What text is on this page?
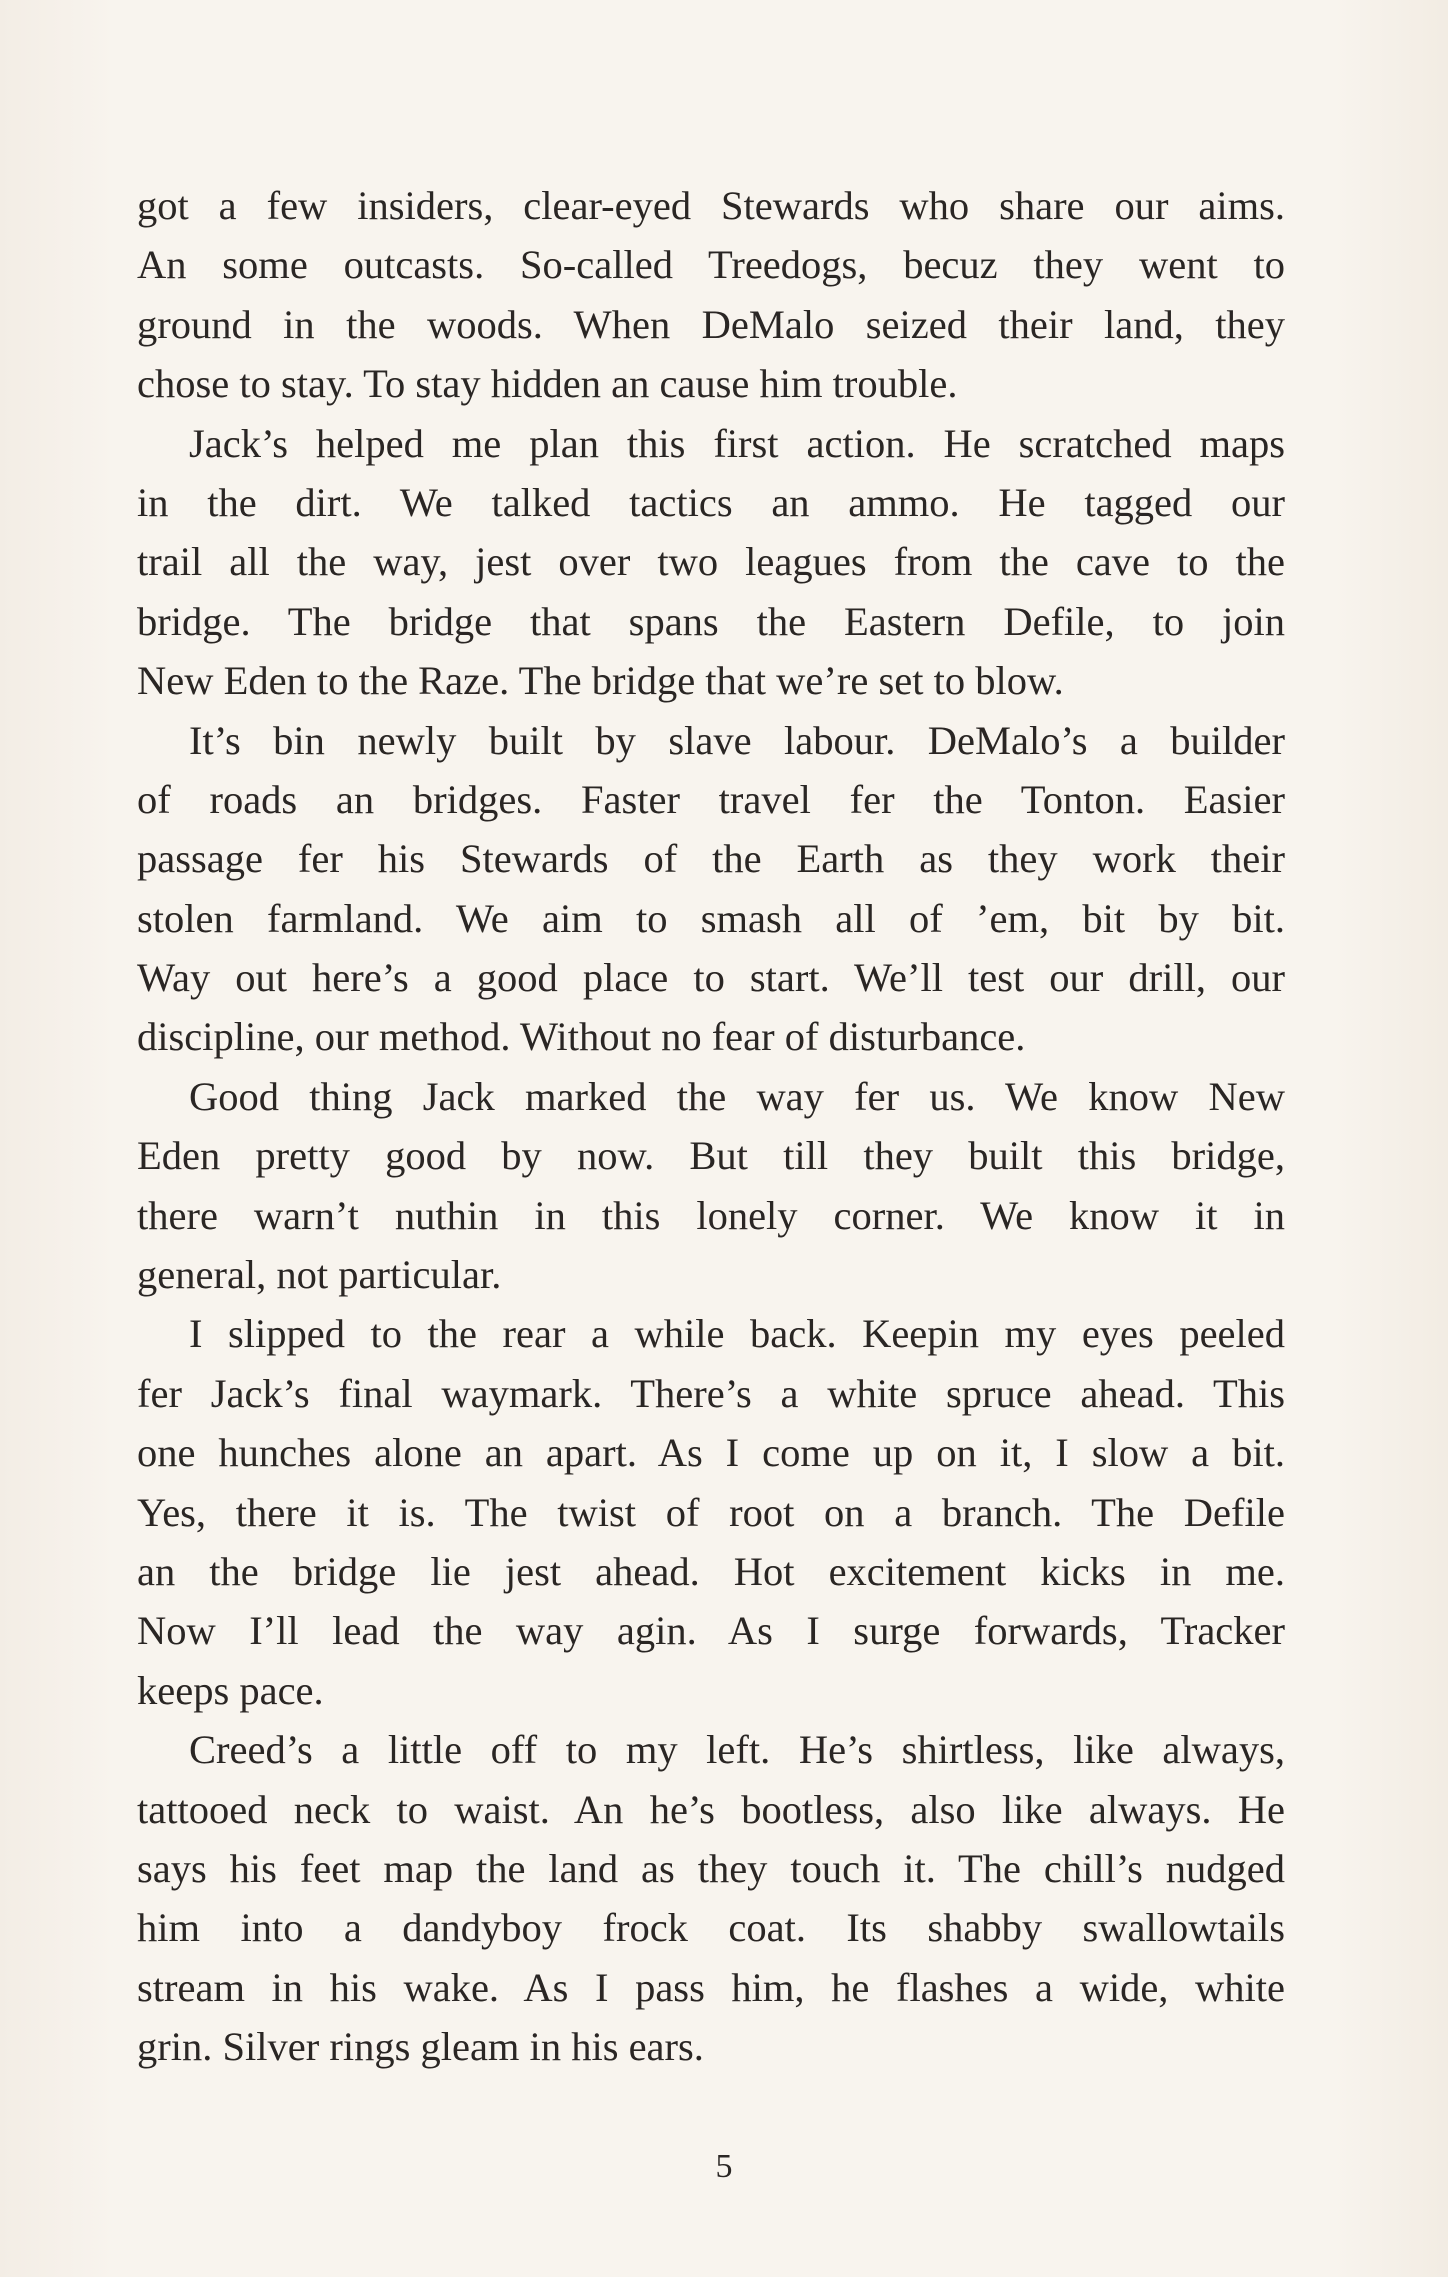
got a few insiders, clear-eyed Stewards who share our aims.
An some outcasts. So-called Treedogs, becuz they went to
ground in the woods. When DeMalo seized their land, they
chose to stay. To stay hidden an cause him trouble.
Jack’s helped me plan this first action. He scratched maps
in the dirt. We talked tactics an ammo. He tagged our
trail all the way, jest over two leagues from the cave to the
bridge. The bridge that spans the Eastern Defile, to join
New Eden to the Raze. The bridge that we’re set to blow.
It’s bin newly built by slave labour. DeMalo’s a builder
of roads an bridges. Faster travel fer the Tonton. Easier
passage fer his Stewards of the Earth as they work their
stolen farmland. We aim to smash all of ’em, bit by bit.
Way out here’s a good place to start. We’ll test our drill, our
discipline, our method. Without no fear of disturbance.
Good thing Jack marked the way fer us. We know New
Eden pretty good by now. But till they built this bridge,
there warn’t nuthin in this lonely corner. We know it in
general, not particular.
I slipped to the rear a while back. Keepin my eyes peeled
fer Jack’s final waymark. There’s a white spruce ahead. This
one hunches alone an apart. As I come up on it, I slow a bit.
Yes, there it is. The twist of root on a branch. The Defile
an the bridge lie jest ahead. Hot excitement kicks in me.
Now I’ll lead the way agin. As I surge forwards, Tracker
keeps pace.
Creed’s a little off to my left. He’s shirtless, like always,
tattooed neck to waist. An he’s bootless, also like always. He
says his feet map the land as they touch it. The chill’s nudged
him into a dandyboy frock coat. Its shabby swallowtails
stream in his wake. As I pass him, he flashes a wide, white
grin. Silver rings gleam in his ears.
5
